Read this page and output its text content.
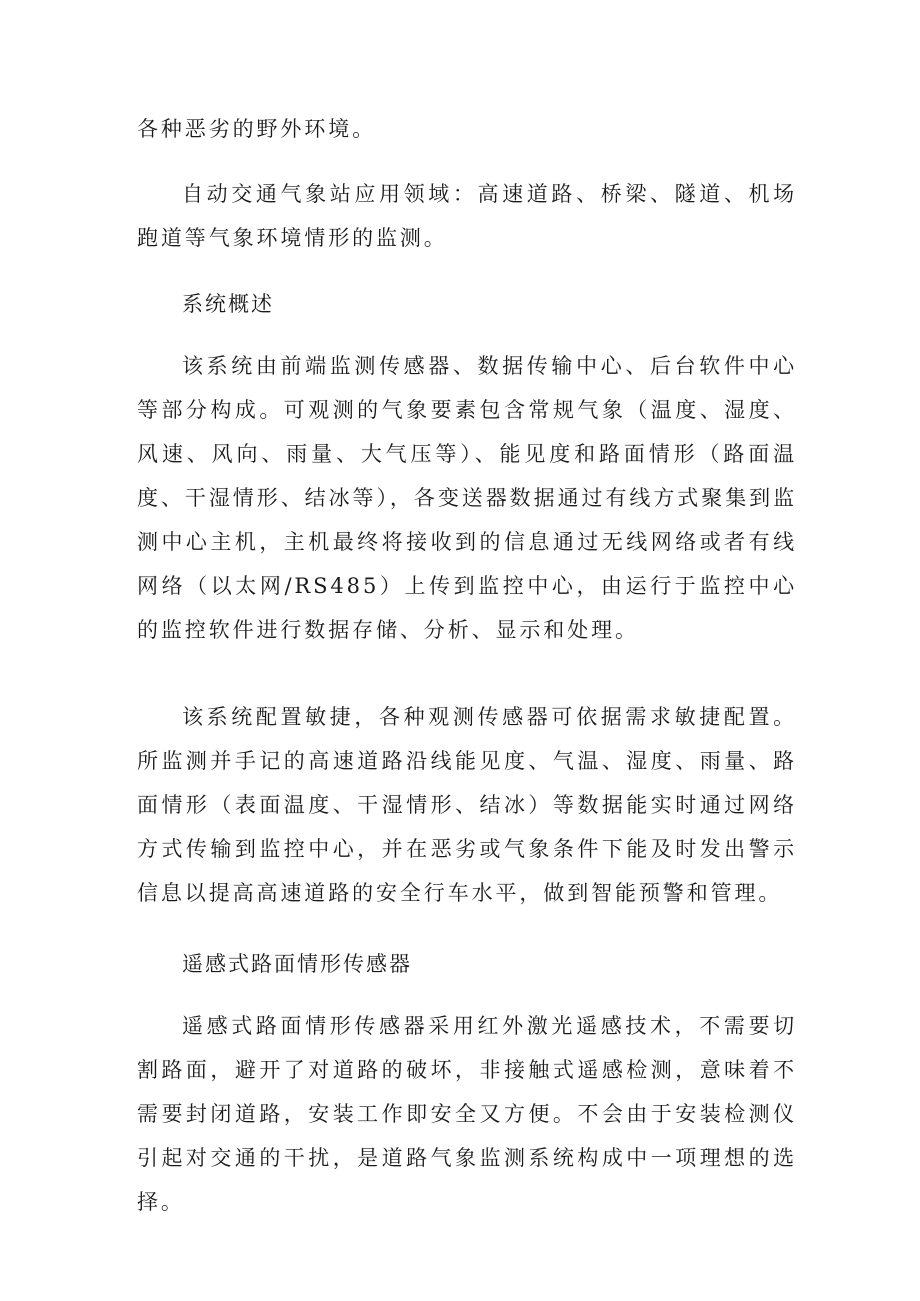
各种恶劣的野外环境。

自动交通气象站应用领域：高速道路、桥梁、隧道、机场跑道等气象环境情形的监测。

系统概述

该系统由前端监测传感器、数据传输中心、后台软件中心等部分构成。可观测的气象要素包含常规气象（温度、湿度、风速、风向、雨量、大气压等）、能见度和路面情形（路面温度、干湿情形、结冰等），各变送器数据通过有线方式聚集到监测中心主机，主机最终将接收到的信息通过无线网络或者有线网络（以太网/RS485）上传到监控中心，由运行于监控中心的监控软件进行数据存储、分析、显示和处理。

该系统配置敏捷，各种观测传感器可依据需求敏捷配置。所监测并手记的高速道路沿线能见度、气温、湿度、雨量、路面情形（表面温度、干湿情形、结冰）等数据能实时通过网络方式传输到监控中心，并在恶劣或气象条件下能及时发出警示信息以提高高速道路的安全行车水平，做到智能预警和管理。

遥感式路面情形传感器

遥感式路面情形传感器采用红外激光遥感技术，不需要切割路面，避开了对道路的破坏，非接触式遥感检测，意味着不需要封闭道路，安装工作即安全又方便。不会由于安装检测仪引起对交通的干扰，是道路气象监测系统构成中一项理想的选择。
